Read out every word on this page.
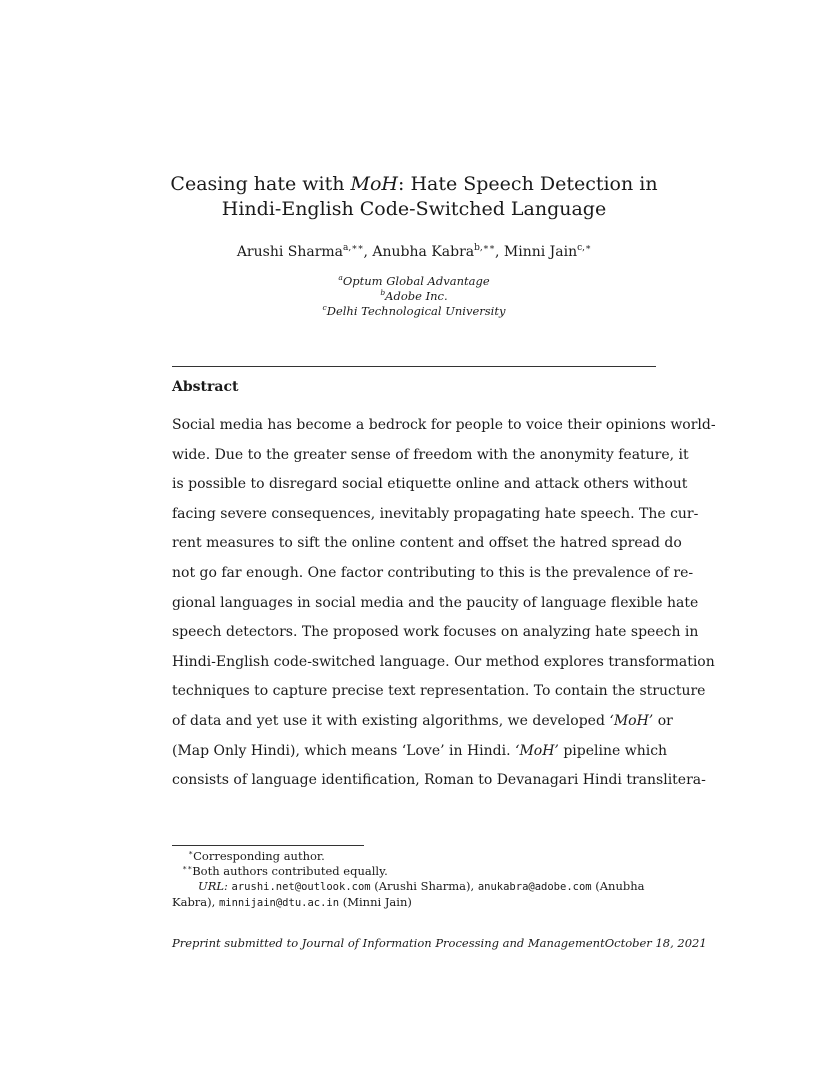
Ceasing hate with MoH: Hate Speech Detection in
Hindi-English Code-Switched Language
Arushi Sharma$^{a,∗∗}$, Anubha Kabra$^{b,∗∗}$, Minni Jain$^{c,∗}$
$^a$Optum Global Advantage
$^b$Adobe Inc.
$^c$Delhi Technological University
Abstract
Social media has become a bedrock for people to voice their opinions world-
wide. Due to the greater sense of freedom with the anonymity feature, it
is possible to disregard social etiquette online and attack others without
facing severe consequences, inevitably propagating hate speech. The cur-
rent measures to sift the online content and offset the hatred spread do
not go far enough. One factor contributing to this is the prevalence of re-
gional languages in social media and the paucity of language flexible hate
speech detectors. The proposed work focuses on analyzing hate speech in
Hindi-English code-switched language. Our method explores transformation
techniques to capture precise text representation. To contain the structure
of data and yet use it with existing algorithms, we developed ‘MoH’ or
(Map Only Hindi), which means ‘Love’ in Hindi. ‘MoH’ pipeline which
consists of language identification, Roman to Devanagari Hindi translitera-
∗Corresponding author.
∗∗Both authors contributed equally.
URL: arushi.net@outlook.com (Arushi Sharma), anukabra@adobe.com (Anubha
Kabra), minnijain@dtu.ac.in (Minni Jain)
Preprint submitted to Journal of Information Processing and Management October 18, 2021
